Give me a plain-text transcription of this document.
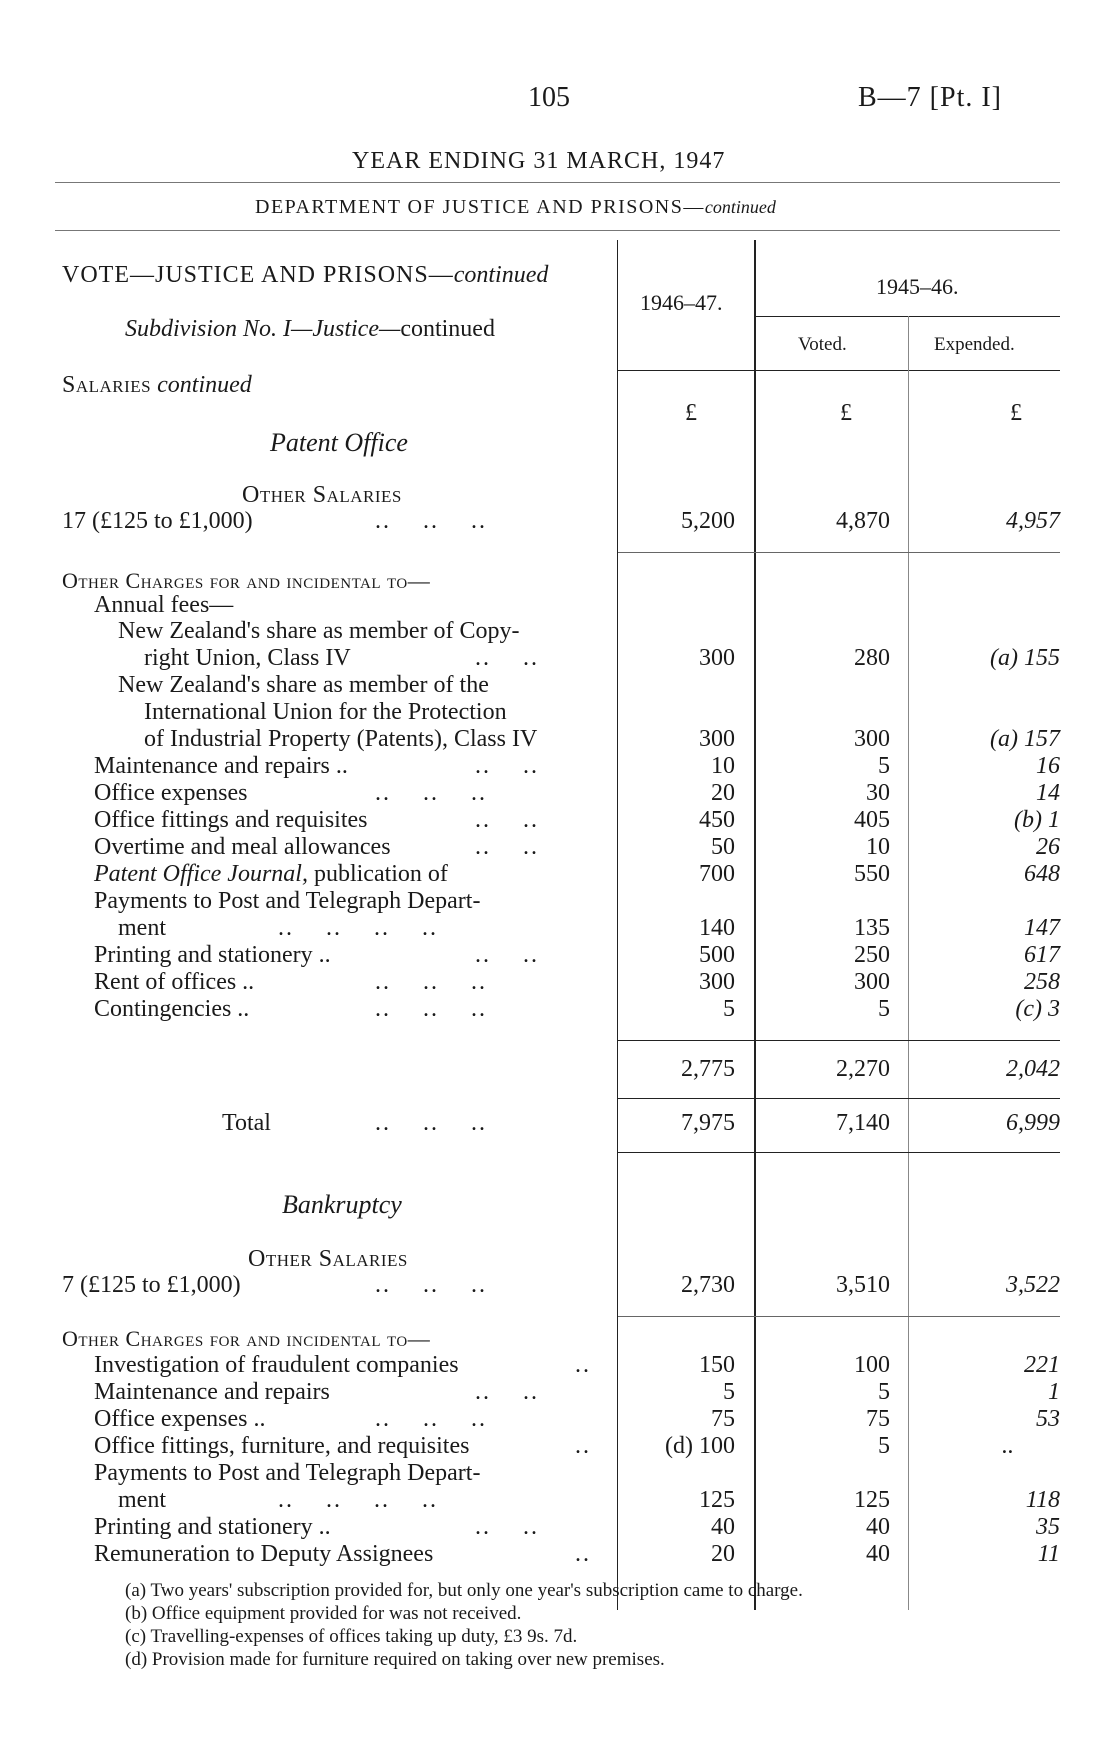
105	B—7 [Pt. I]
YEAR ENDING 31 MARCH, 1947
DEPARTMENT OF JUSTICE AND PRISONS—continued
VOTE—JUSTICE AND PRISONS—continued
Subdivision No. I—Justice—continued
Salaries continued
1946–47.
1945–46.
Voted.	Expended.
£	£	£
Patent Office
Other Salaries
17 (£125 to £1,000)	..    ..    ..	5,200	4,870	4,957
Other Charges for and incidental to—
Annual fees—
New Zealand's share as member of Copy-
right Union, Class IV	..    ..	300	280	(a) 155
New Zealand's share as member of the
International Union for the Protection
of Industrial Property (Patents), Class IV	300	300	(a) 157
Maintenance and repairs ..	..    ..	10	5	16
Office expenses	..    ..    ..	20	30	14
Office fittings and requisites	..    ..	450	405	(b) 1
Overtime and meal allowances	..    ..	50	10	26
Patent Office Journal, publication of	700	550	648
Payments to Post and Telegraph Depart-
ment	..    ..    ..    ..	140	135	147
Printing and stationery ..	..    ..	500	250	617
Rent of offices ..	..    ..    ..	300	300	258
Contingencies ..	..    ..    ..	5	5	(c) 3
2,775	2,270	2,042
Total	..    ..    ..	7,975	7,140	6,999
Bankruptcy
Other Salaries
7 (£125 to £1,000)	..    ..    ..	2,730	3,510	3,522
Other Charges for and incidental to—
Investigation of fraudulent companies	..	150	100	221
Maintenance and repairs	..    ..	5	5	1
Office expenses ..	..    ..    ..	75	75	53
Office fittings, furniture, and requisites	..	(d) 100	5	..
Payments to Post and Telegraph Depart-
ment	..    ..    ..    ..	125	125	118
Printing and stationery ..	..    ..	40	40	35
Remuneration to Deputy Assignees	..	20	40	11
(a) Two years' subscription provided for, but only one year's subscription came to charge.
(b) Office equipment provided for was not received.
(c) Travelling-expenses of offices taking up duty, £3 9s. 7d.
(d) Provision made for furniture required on taking over new premises.
